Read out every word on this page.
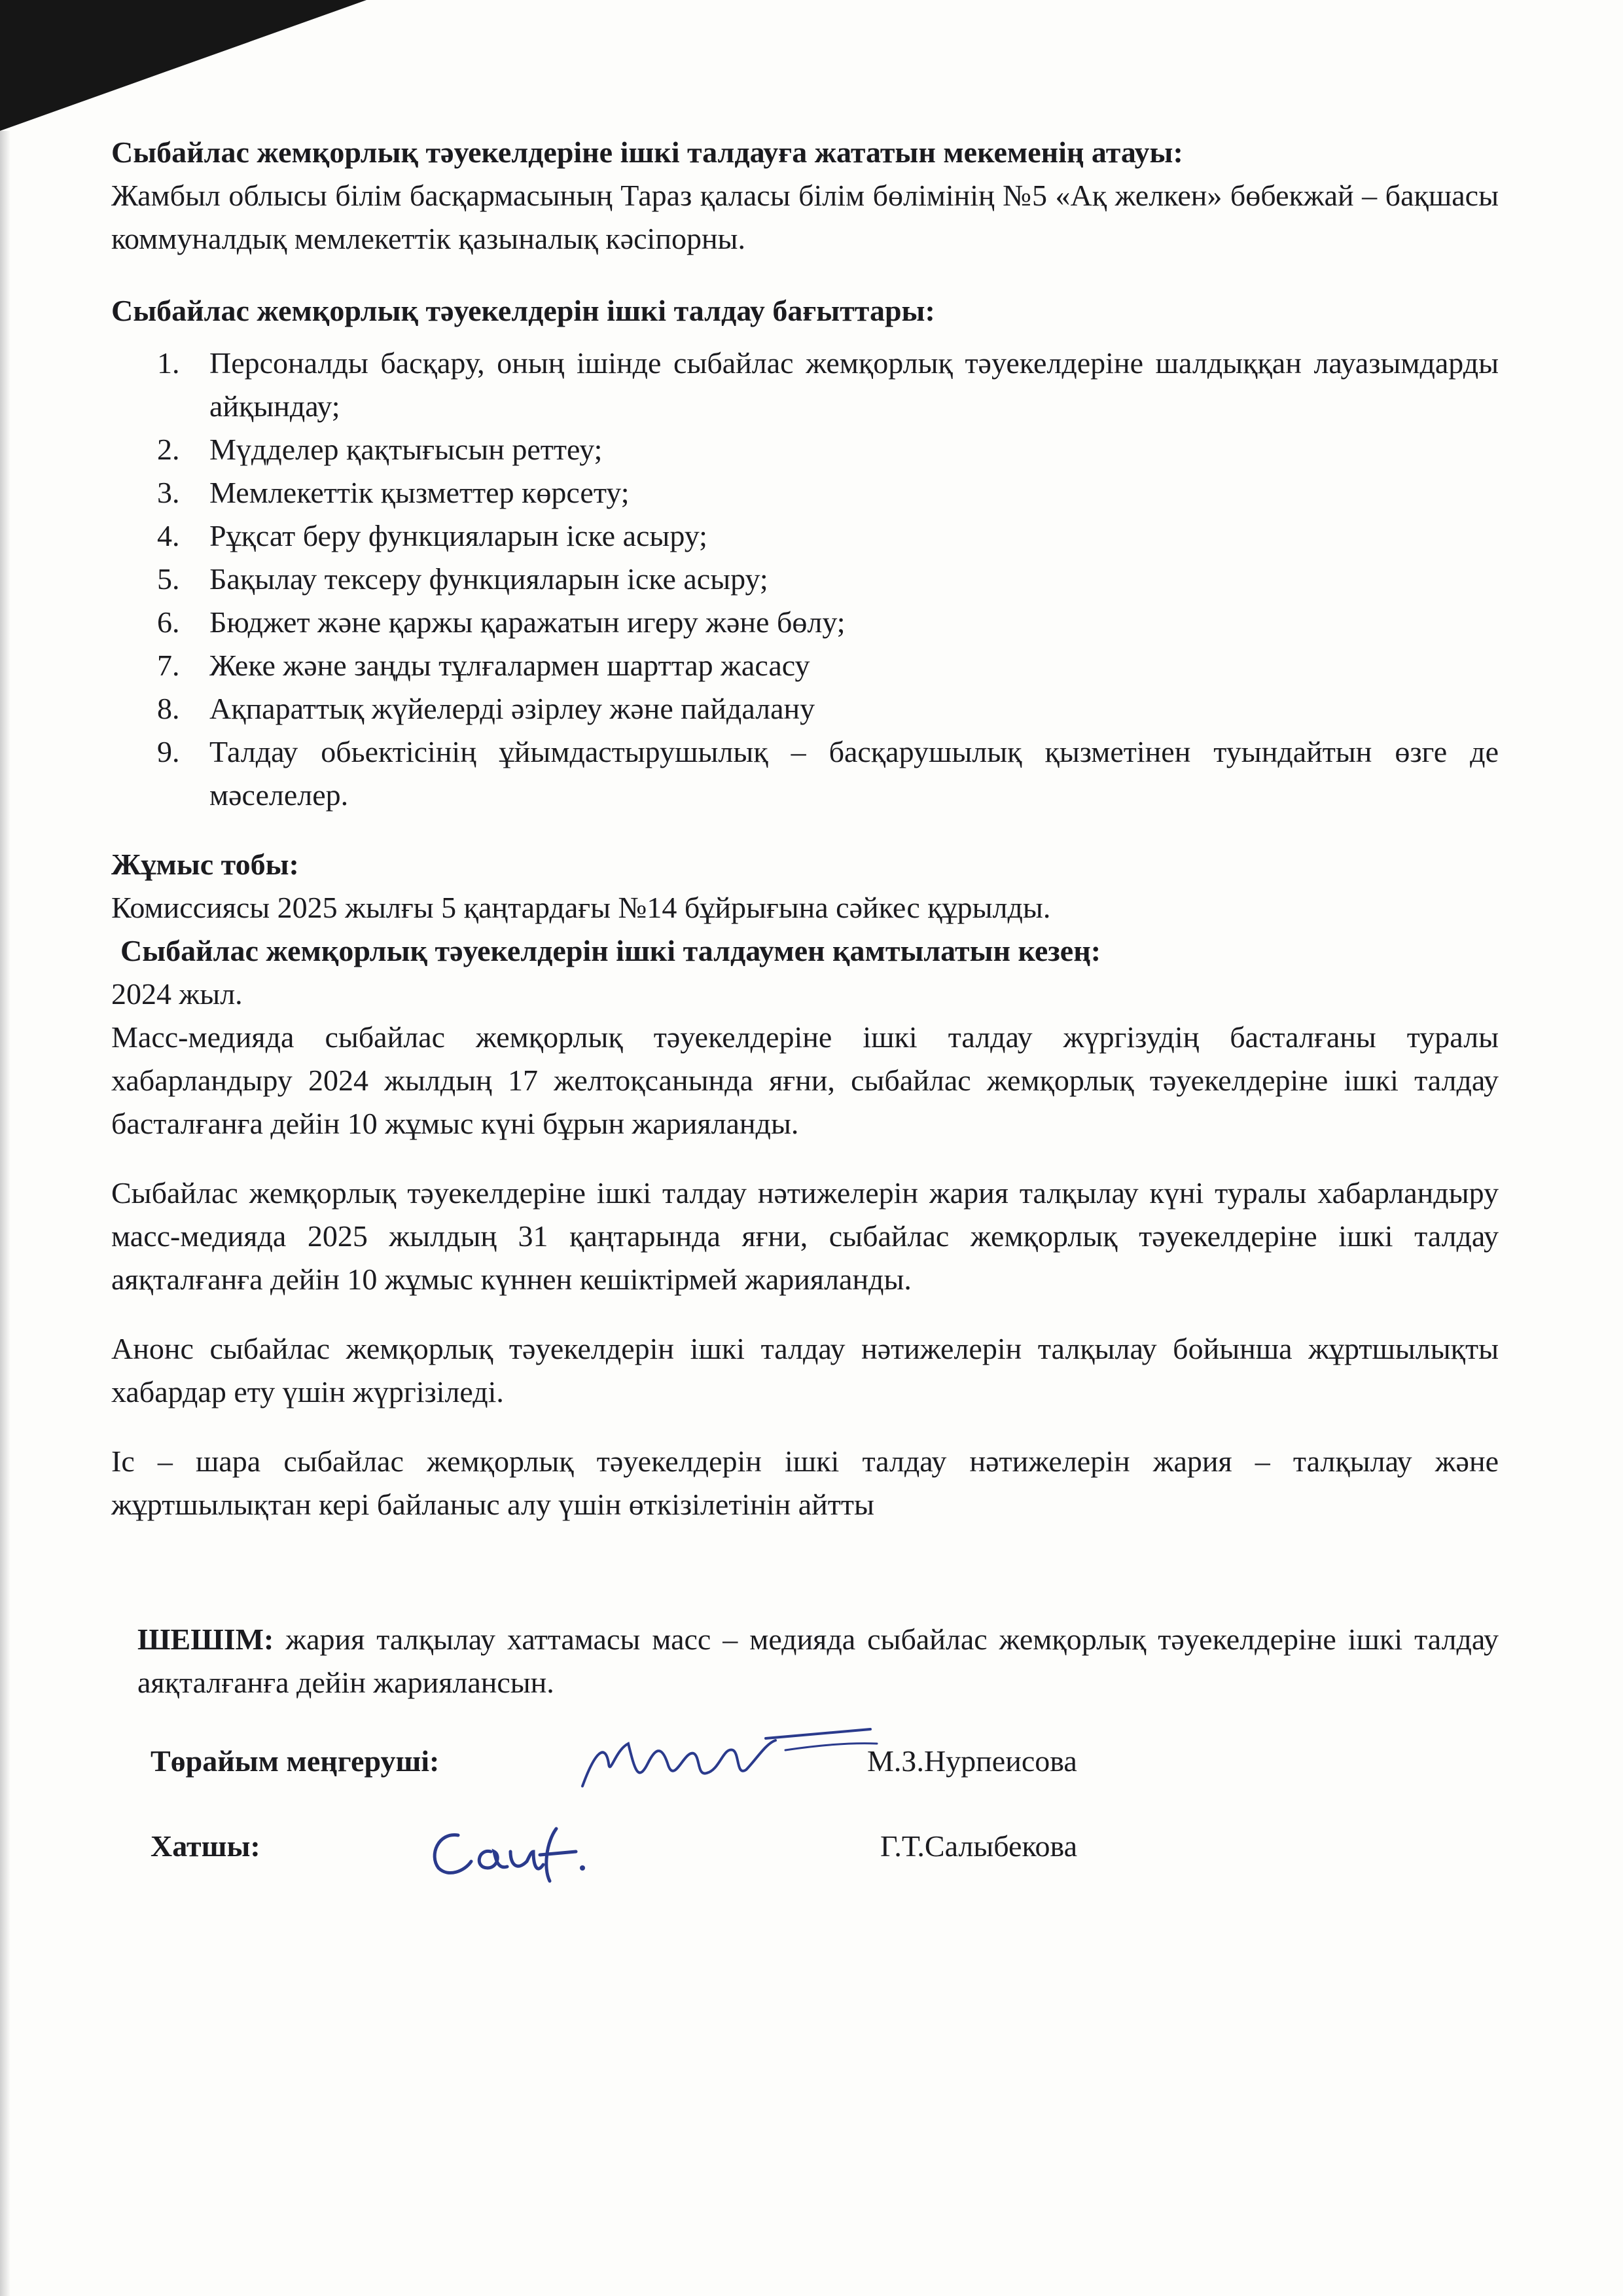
Сыбайлас жемқорлық тәуекелдеріне ішкі талдауға жататын мекеменің атауы:

Жамбыл облысы білім басқармасының Тараз қаласы білім бөлімінің №5 «Ақ желкен» бөбекжай – бақшасы коммуналдық мемлекеттік қазыналық кәсіпорны.

Сыбайлас жемқорлық тәуекелдерін ішкі талдау бағыттары:
1. Персоналды басқару, оның ішінде сыбайлас жемқорлық тәуекелдеріне шалдыққан лауазымдарды айқындау;
2. Мүдделер қақтығысын реттеу;
3. Мемлекеттік қызметтер көрсету;
4. Рұқсат беру функцияларын іске асыру;
5. Бақылау тексеру функцияларын іске асыру;
6. Бюджет және қаржы қаражатын игеру және бөлу;
7. Жеке және заңды тұлғалармен шарттар жасасу
8. Ақпараттық жүйелерді әзірлеу және пайдалану
9. Талдау обьектісінің ұйымдастырушылық – басқарушылық қызметінен туындайтын өзге де мәселелер.
Жұмыс тобы:

Комиссиясы 2025 жылғы 5 қаңтардағы №14 бұйрығына сәйкес құрылды.

Сыбайлас жемқорлық тәуекелдерін ішкі талдаумен қамтылатын кезең:

2024 жыл.

Масс-медияда сыбайлас жемқорлық тәуекелдеріне ішкі талдау жүргізудің басталғаны туралы хабарландыру 2024 жылдың 17 желтоқсанында яғни, сыбайлас жемқорлық тәуекелдеріне ішкі талдау басталғанға дейін 10 жұмыс күні бұрын жарияланды.

Сыбайлас жемқорлық тәуекелдеріне ішкі талдау нәтижелерін жария талқылау күні туралы хабарландыру масс-медияда 2025 жылдың 31 қаңтарында яғни, сыбайлас жемқорлық тәуекелдеріне ішкі талдау аяқталғанға дейін 10 жұмыс күннен кешіктірмей жарияланды.

Анонс сыбайлас жемқорлық тәуекелдерін ішкі талдау нәтижелерін талқылау бойынша жұртшылықты хабардар ету үшін жүргізіледі.

Іс – шара сыбайлас жемқорлық тәуекелдерін ішкі талдау нәтижелерін жария – талқылау және жұртшылықтан кері байланыс алу үшін өткізілетінін айтты

ШЕШІМ: жария талқылау хаттамасы масс – медияда сыбайлас жемқорлық тәуекелдеріне ішкі талдау аяқталғанға дейін жариялансын.

Төрайым меңгеруші:	М.З.Нурпеисова
Хатшы:	Г.Т.Салыбекова
